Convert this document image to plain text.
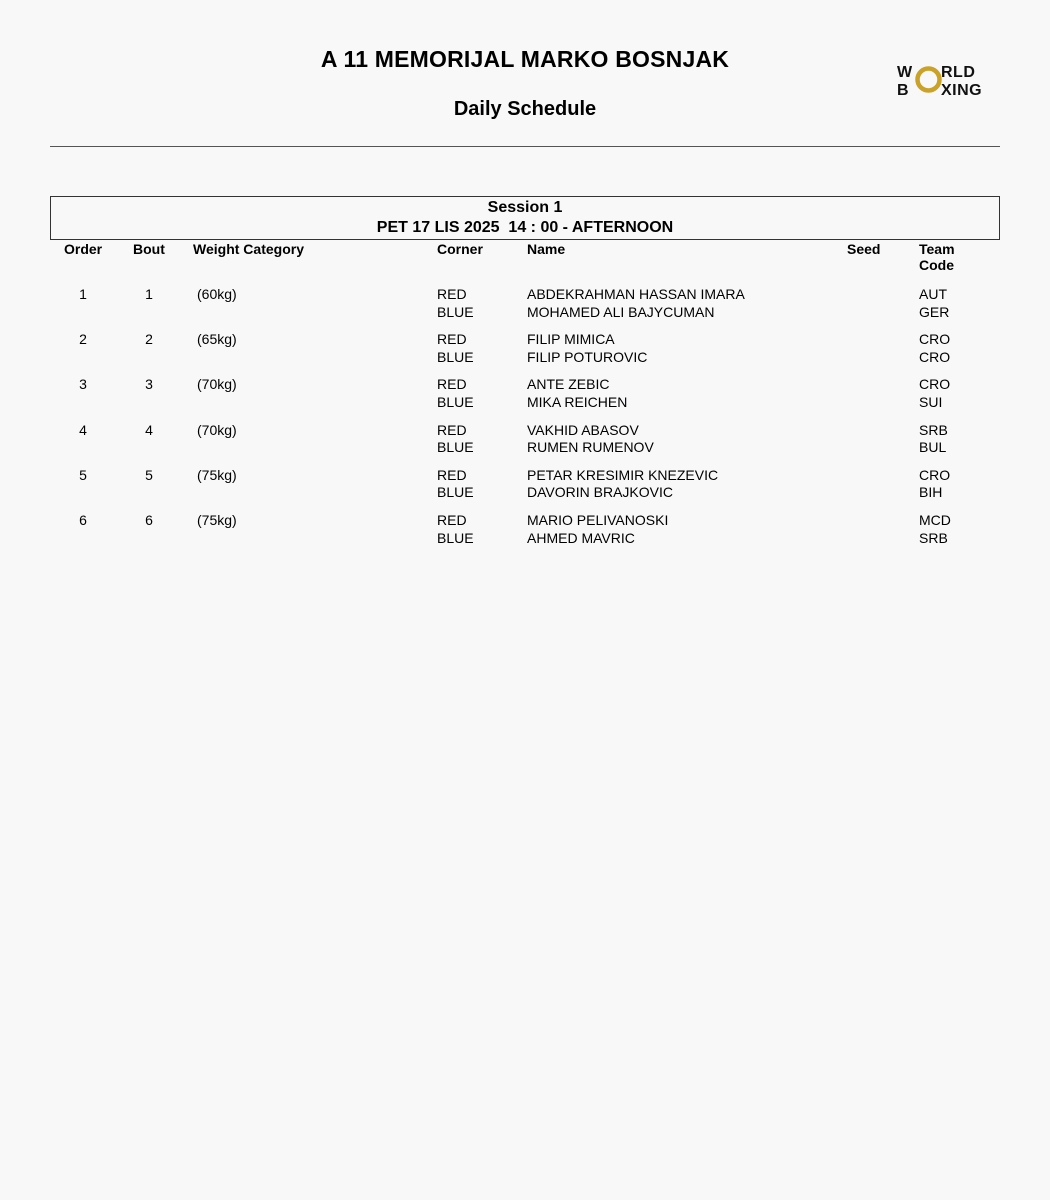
A 11 MEMORIJAL MARKO BOSNJAK
Daily Schedule
W RLD
B XING
Session 1
PET 17 LIS 2025  14 : 00 - AFTERNOON
Order Bout Weight Category	Corner	Name	Seed	Team
Code
1	1	(60kg)	RED	ABDEKRAHMAN HASSAN IMARA	AUT
BLUE	MOHAMED ALI BAJYCUMAN	GER
2	2	(65kg)	RED	FILIP MIMICA	CRO
BLUE	FILIP POTUROVIC	CRO
3	3	(70kg)	RED	ANTE ZEBIC	CRO
BLUE	MIKA REICHEN	SUI
4	4	(70kg)	RED	VAKHID ABASOV	SRB
BLUE	RUMEN RUMENOV	BUL
5	5	(75kg)	RED	PETAR KRESIMIR KNEZEVIC	CRO
BLUE	DAVORIN BRAJKOVIC	BIH
6	6	(75kg)	RED	MARIO PELIVANOSKI	MCD
BLUE	AHMED MAVRIC	SRB
